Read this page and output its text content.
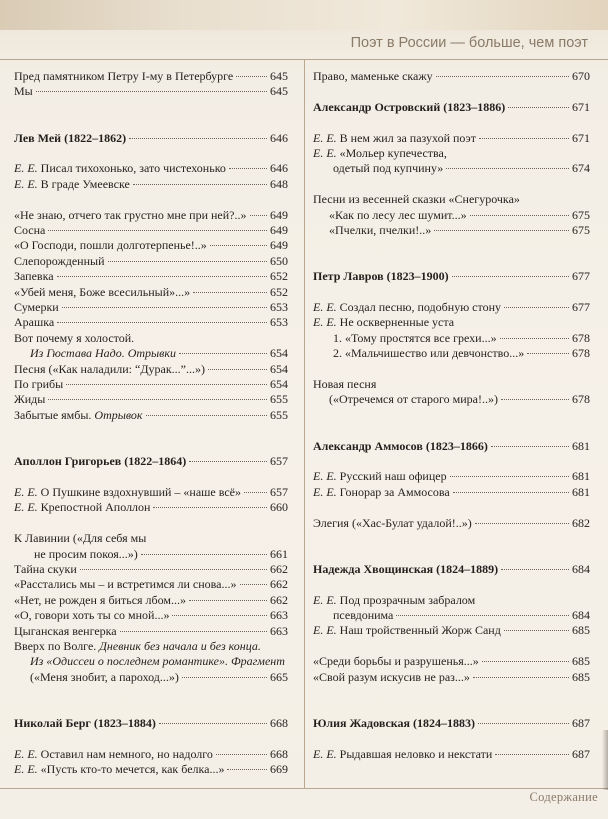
Поэт в России — больше, чем поэт
Содержание
Пред памятником Петру I-му в Петербурге	645
Мы	645
Лев Мей (1822–1862)	646
Е. Е. Писал тихохонько, зато чистехонько	646
Е. Е. В граде Умеевске	648
«Не знаю, отчего так грустно мне при ней?..» 649
Сосна	649
«О Господи, пошли долготерпенье!..»	649
Слепорожденный	650
Запевка	652
«Убей меня, Боже всесильный»...»	652
Сумерки	653
Арашка	653
Вот почему я холостой.
Из Гюстава Надо. Отрывки	654
Песня («Как наладили: “Дурак...”...»)	654
По грибы	654
Жиды	655
Забытые ямбы. Отрывок	655
Аполлон Григорьев (1822–1864)	657
Е. Е. О Пушкине вздохнувший – «наше всё» 657
Е. Е. Крепостной Аполлон	660
К Лавинии («Для себя мы
не просим покоя...»)	661
Тайна скуки	662
«Расстались мы – и встретимся ли снова...»	662
«Нет, не рожден я биться лбом...»	662
«О, говори хоть ты со мной...»	663
Цыганская венгерка	663
Вверх по Волге. Дневник без начала и без конца.
Из «Одиссеи о последнем романтике». Фрагмент
(«Меня знобит, а пароход...»)	665
Николай Берг (1823–1884)	668
Е. Е. Оставил нам немного, но надолго	668
Е. Е. «Пусть кто-то мечется, как белка...»	669
Право, маменьке скажу	670
Александр Островский (1823–1886)	671
Е. Е. В нем жил за пазухой поэт	671
Е. Е. «Мольер купечества,
одетый под купчину»	674
Песни из весенней сказки «Снегурочка»
«Как по лесу лес шумит...»	675
«Пчелки, пчелки!..»	675
Петр Лавров (1823–1900)	677
Е. Е. Создал песню, подобную стону	677
Е. Е. Не оскверненные уста
1. «Тому простятся все грехи...»	678
2. «Мальчишество или девчонство...»	678
Новая песня
(«Отречемся от старого мира!..»)	678
Александр Аммосов (1823–1866)	681
Е. Е. Русский наш офицер	681
Е. Е. Гонорар за Аммосова	681
Элегия («Хас-Булат удалой!..»)	682
Надежда Хвощинская (1824–1889)	684
Е. Е. Под прозрачным забралом
псевдонима	684
Е. Е. Наш тройственный Жорж Санд	685
«Среди борьбы и разрушенья...»	685
«Свой разум искусив не раз...»	685
Юлия Жадовская (1824–1883)	687
Е. Е. Рыдавшая неловко и некстати	687
